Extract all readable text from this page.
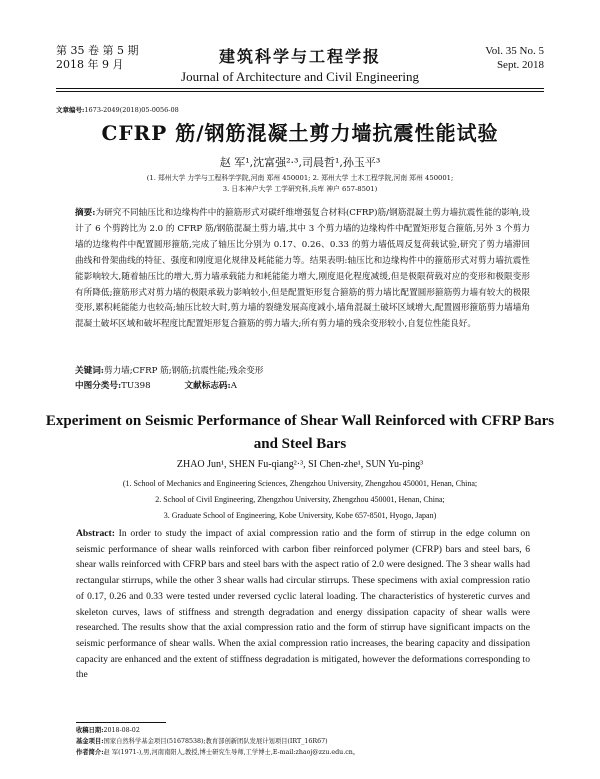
第 35 卷 第 5 期
2018 年 9 月	建筑科学与工程学报
Journal of Architecture and Civil Engineering
Vol. 35 No. 5
Sept. 2018
文章编号:1673-2049(2018)05-0056-08
CFRP 筋/钢筋混凝土剪力墙抗震性能试验
赵 军¹,沈富强²·³,司晨哲¹,孙玉平³
(1. 郑州大学 力学与工程科学学院,河南 郑州 450001; 2. 郑州大学 土木工程学院,河南 郑州 450001;
3. 日本神户大学 工学研究科,兵库 神户 657-8501)
摘要:为研究不同轴压比和边缘构件中的箍筋形式对碳纤维增强复合材料(CFRP)筋/钢筋混凝土剪力墙抗震性能的影响,设计了 6 个剪跨比为 2.0 的 CFRP 筋/钢筋混凝土剪力墙,其中 3 个剪力墙的边缘构件中配置矩形复合箍筋,另外 3 个剪力墙的边缘构件中配置圆形箍筋,完成了轴压比分别为 0.17、0.26、0.33 的剪力墙低周反复荷载试验,研究了剪力墙滞回曲线和骨架曲线的特征、强度和刚度退化规律及耗能能力等。结果表明:轴压比和边缘构件中的箍筋形式对剪力墙抗震性能影响较大,随着轴压比的增大,剪力墙承载能力和耗能能力增大,刚度退化程度减缓,但是极限荷载对应的变形和极限变形有所降低;箍筋形式对剪力墙的极限承载力影响较小,但是配置矩形复合箍筋的剪力墙比配置圆形箍筋剪力墙有较大的极限变形,累积耗能能力也较高;轴压比较大时,剪力墙的裂缝发展高度减小,墙角混凝土破坏区域增大,配置圆形箍筋剪力墙墙角混凝土破坏区域和破坏程度比配置矩形复合箍筋的剪力墙大;所有剪力墙的残余变形较小,自复位性能良好。
关键词:剪力墙;CFRP 筋;钢筋;抗震性能;残余变形
中图分类号:TU398	文献标志码:A
Experiment on Seismic Performance of Shear Wall Reinforced with CFRP Bars and Steel Bars
ZHAO Jun¹, SHEN Fu-qiang²·³, SI Chen-zhe¹, SUN Yu-ping³
(1. School of Mechanics and Engineering Sciences, Zhengzhou University, Zhengzhou 450001, Henan, China;
2. School of Civil Engineering, Zhengzhou University, Zhengzhou 450001, Henan, China;
3. Graduate School of Engineering, Kobe University, Kobe 657-8501, Hyogo, Japan)
Abstract: In order to study the impact of axial compression ratio and the form of stirrup in the edge column on seismic performance of shear walls reinforced with carbon fiber reinforced polymer (CFRP) bars and steel bars, 6 shear walls reinforced with CFRP bars and steel bars with the aspect ratio of 2.0 were designed. The 3 shear walls had rectangular stirrups, while the other 3 shear walls had circular stirrups. These specimens with axial compression ratio of 0.17, 0.26 and 0.33 were tested under reversed cyclic lateral loading. The characteristics of hysteretic curves and skeleton curves, laws of stiffness and strength degradation and energy dissipation capacity of shear walls were researched. The results show that the axial compression ratio and the form of stirrup have significant impacts on the seismic performance of shear walls. When the axial compression ratio increases, the bearing capacity and dissipation capacity are enhanced and the extent of stiffness degradation is mitigated, however the deformations corresponding to the
收稿日期:2018-08-02
基金项目:国家自然科学基金项目(51678538);教育部创新团队发展计划项目(IRT_16R67)
作者简介:赵 军(1971-),男,河南南阳人,教授,博士研究生导师,工学博士,E-mail:zhaoj@zzu.edu.cn。
